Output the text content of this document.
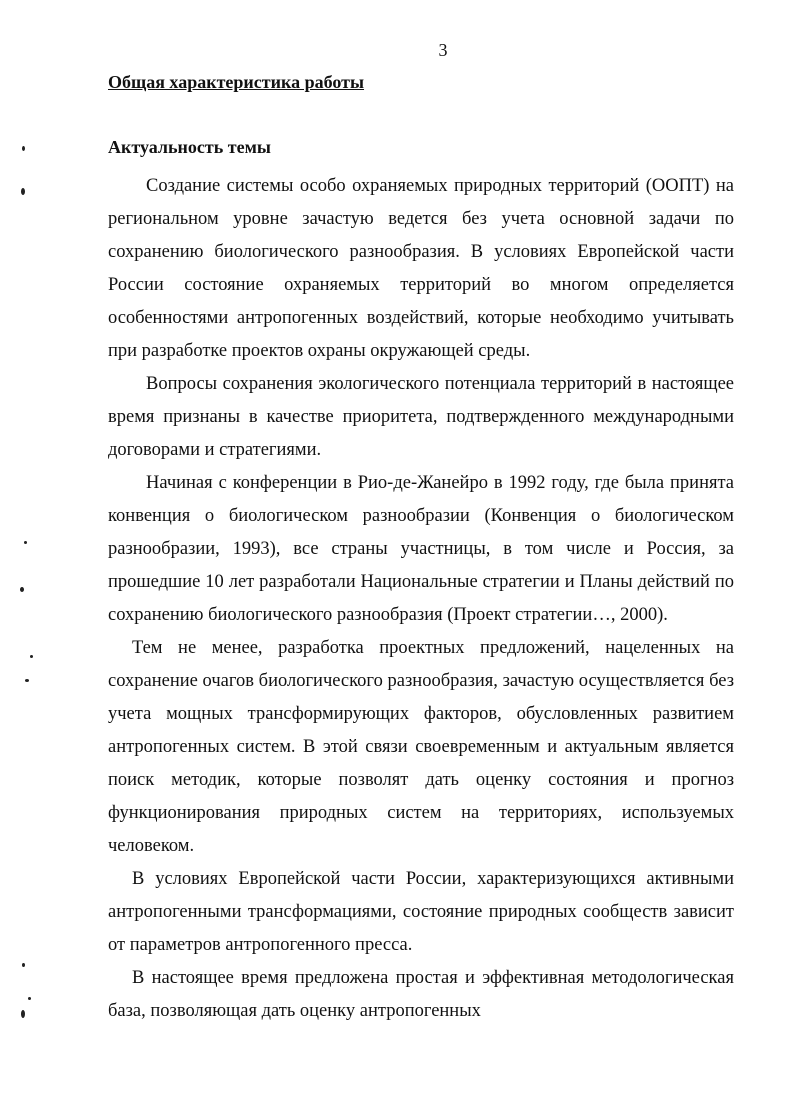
3
Общая характеристика работы
Актуальность темы

Создание системы особо охраняемых природных территорий (ООПТ) на региональном уровне зачастую ведется без учета основной задачи по сохранению биологического разнообразия. В условиях Европейской части России состояние охраняемых территорий во многом определяется особенностями антропогенных воздействий, которые необходимо учитывать при разработке проектов охраны окружающей среды.

Вопросы сохранения экологического потенциала территорий в настоящее время признаны в качестве приоритета, подтвержденного международными договорами и стратегиями.

Начиная с конференции в Рио-де-Жанейро в 1992 году, где была принята конвенция о биологическом разнообразии (Конвенция о биологическом разнообразии, 1993), все страны участницы, в том числе и Россия, за прошедшие 10 лет разработали Национальные стратегии и Планы действий по сохранению биологического разнообразия (Проект стратегии…, 2000).

Тем не менее, разработка проектных предложений, нацеленных на сохранение очагов биологического разнообразия, зачастую осуществляется без учета мощных трансформирующих факторов, обусловленных развитием антропогенных систем. В этой связи своевременным и актуальным является поиск методик, которые позволят дать оценку состояния и прогноз функционирования природных систем на территориях, используемых человеком.

В условиях Европейской части России, характеризующихся активными антропогенными трансформациями, состояние природных сообществ зависит от параметров антропогенного пресса.

В настоящее время предложена простая и эффективная методологическая база, позволяющая дать оценку антропогенных
